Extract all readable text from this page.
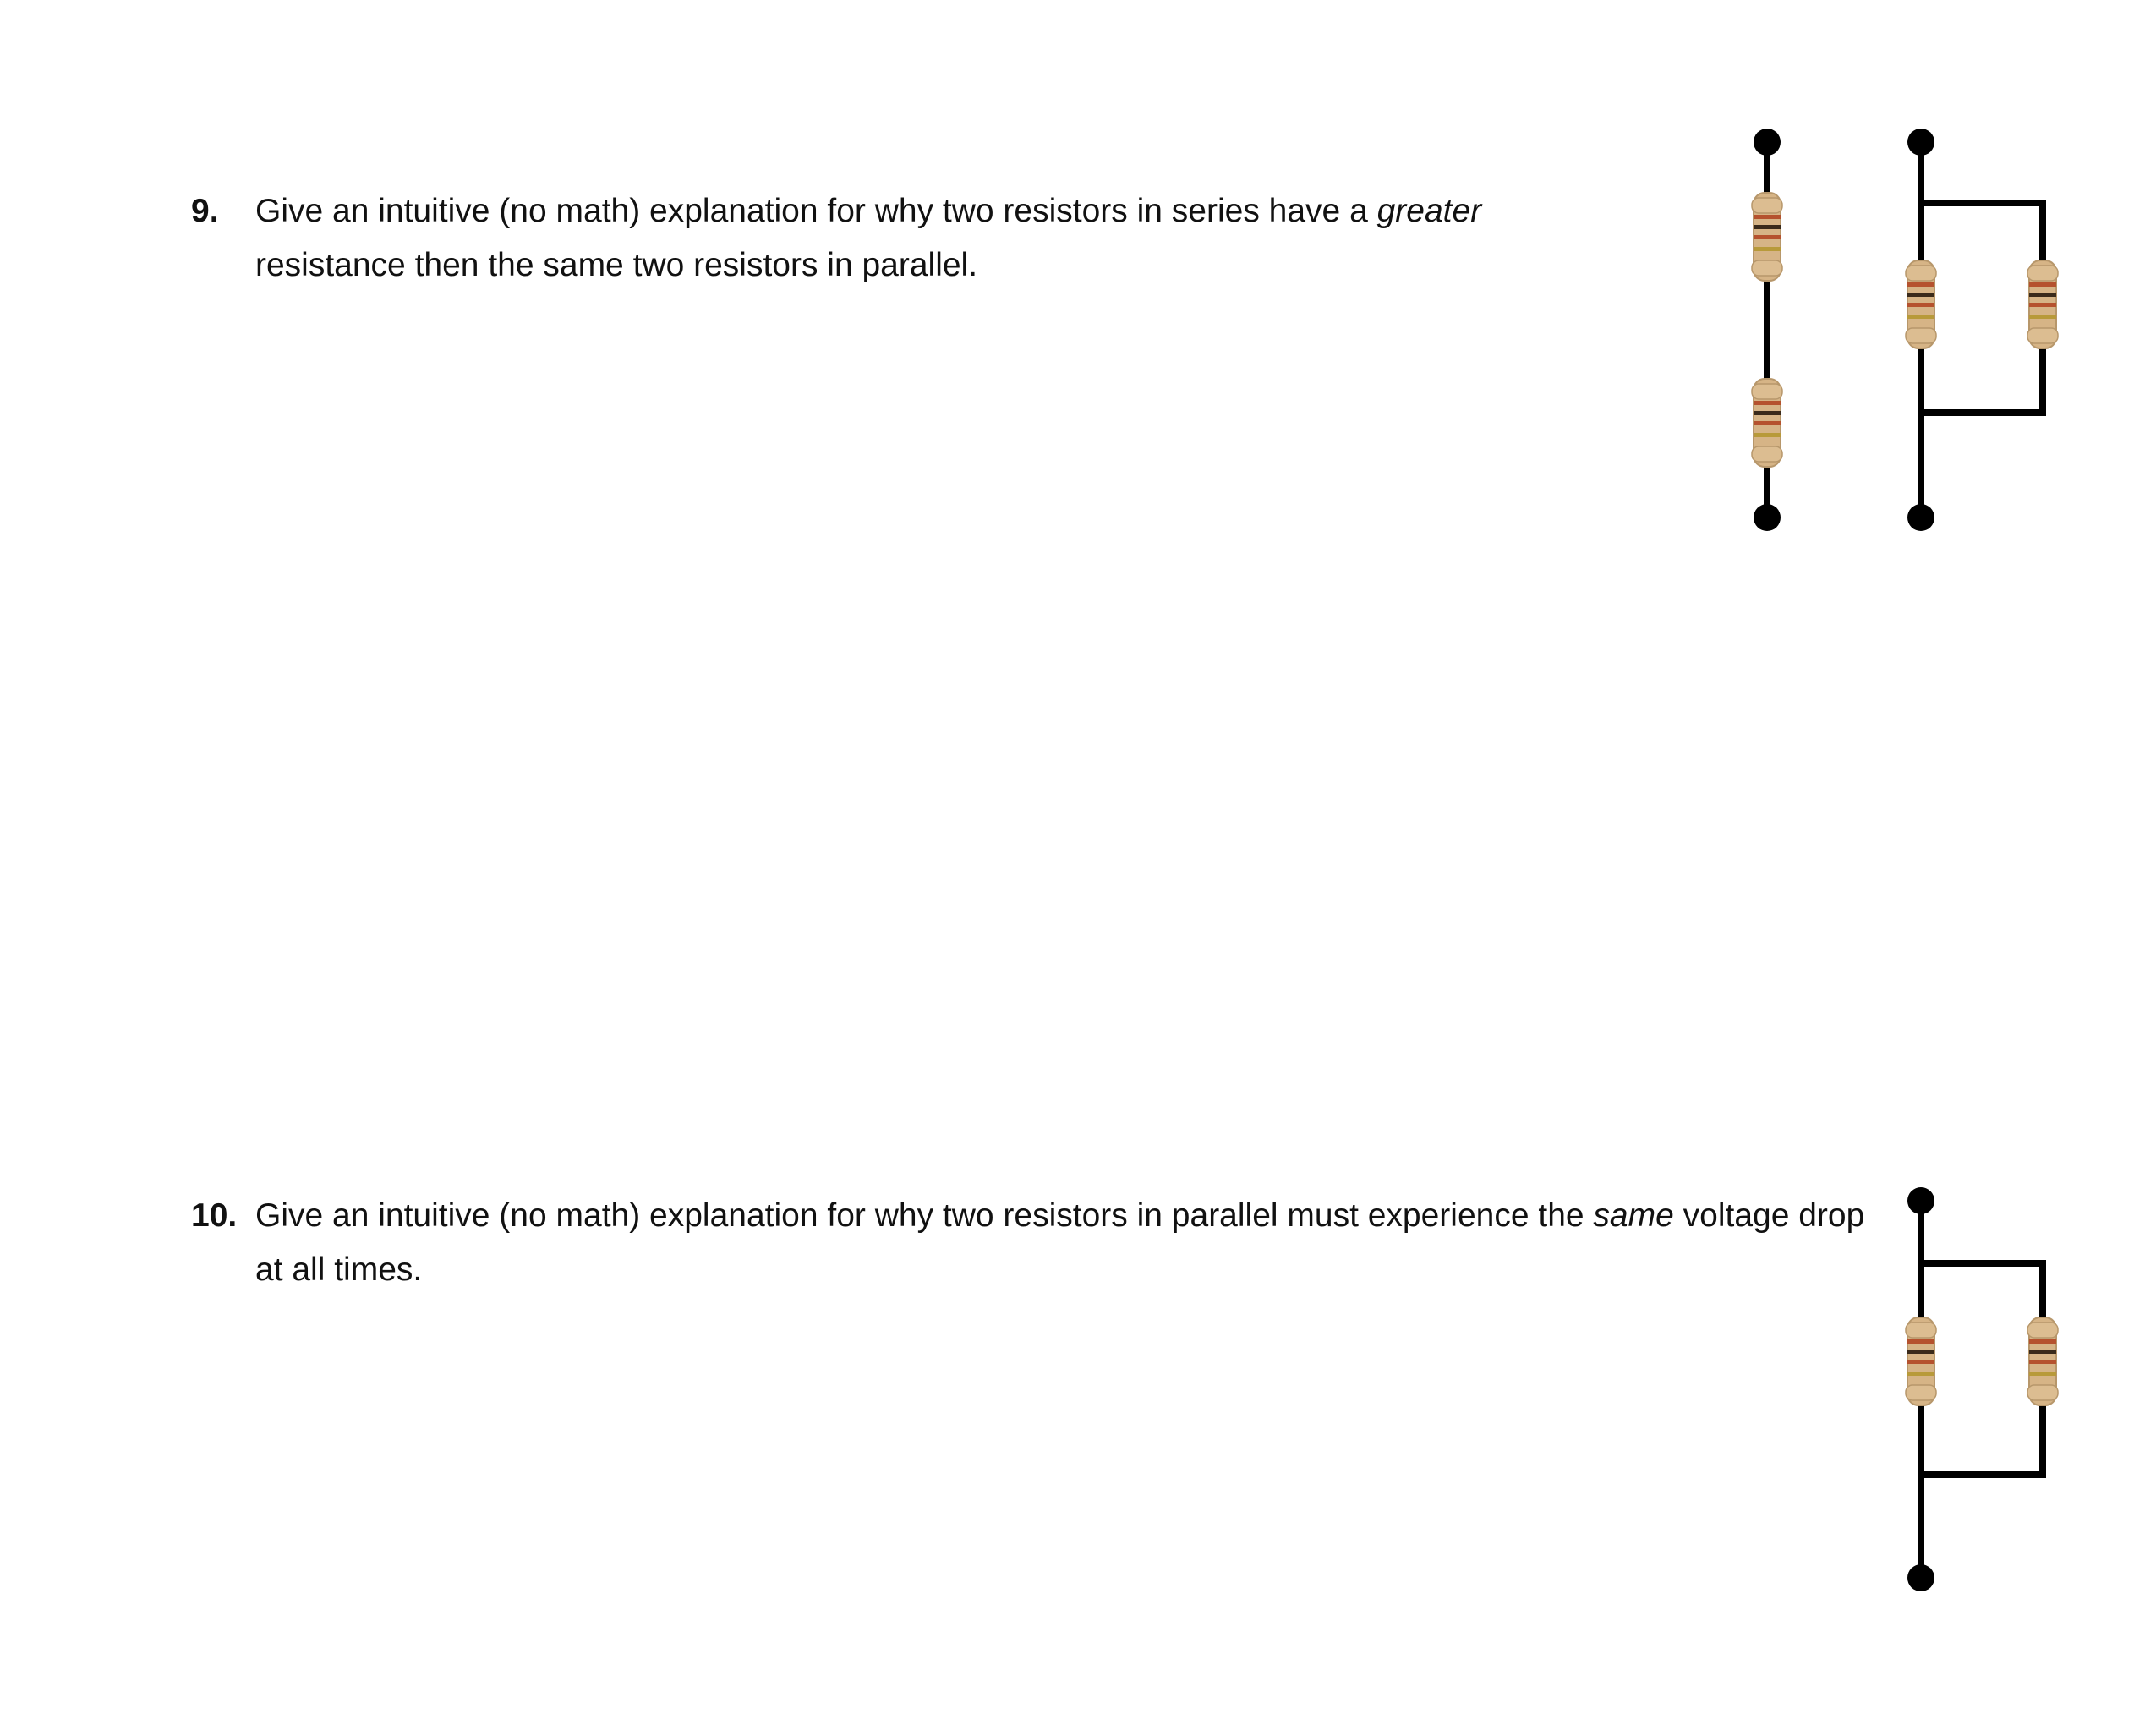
9. Give an intuitive (no math) explanation for why two resistors in series have a greater resistance then the same two resistors in parallel.
10. Give an intuitive (no math) explanation for why two resistors in parallel must experience the same voltage drop at all times.
